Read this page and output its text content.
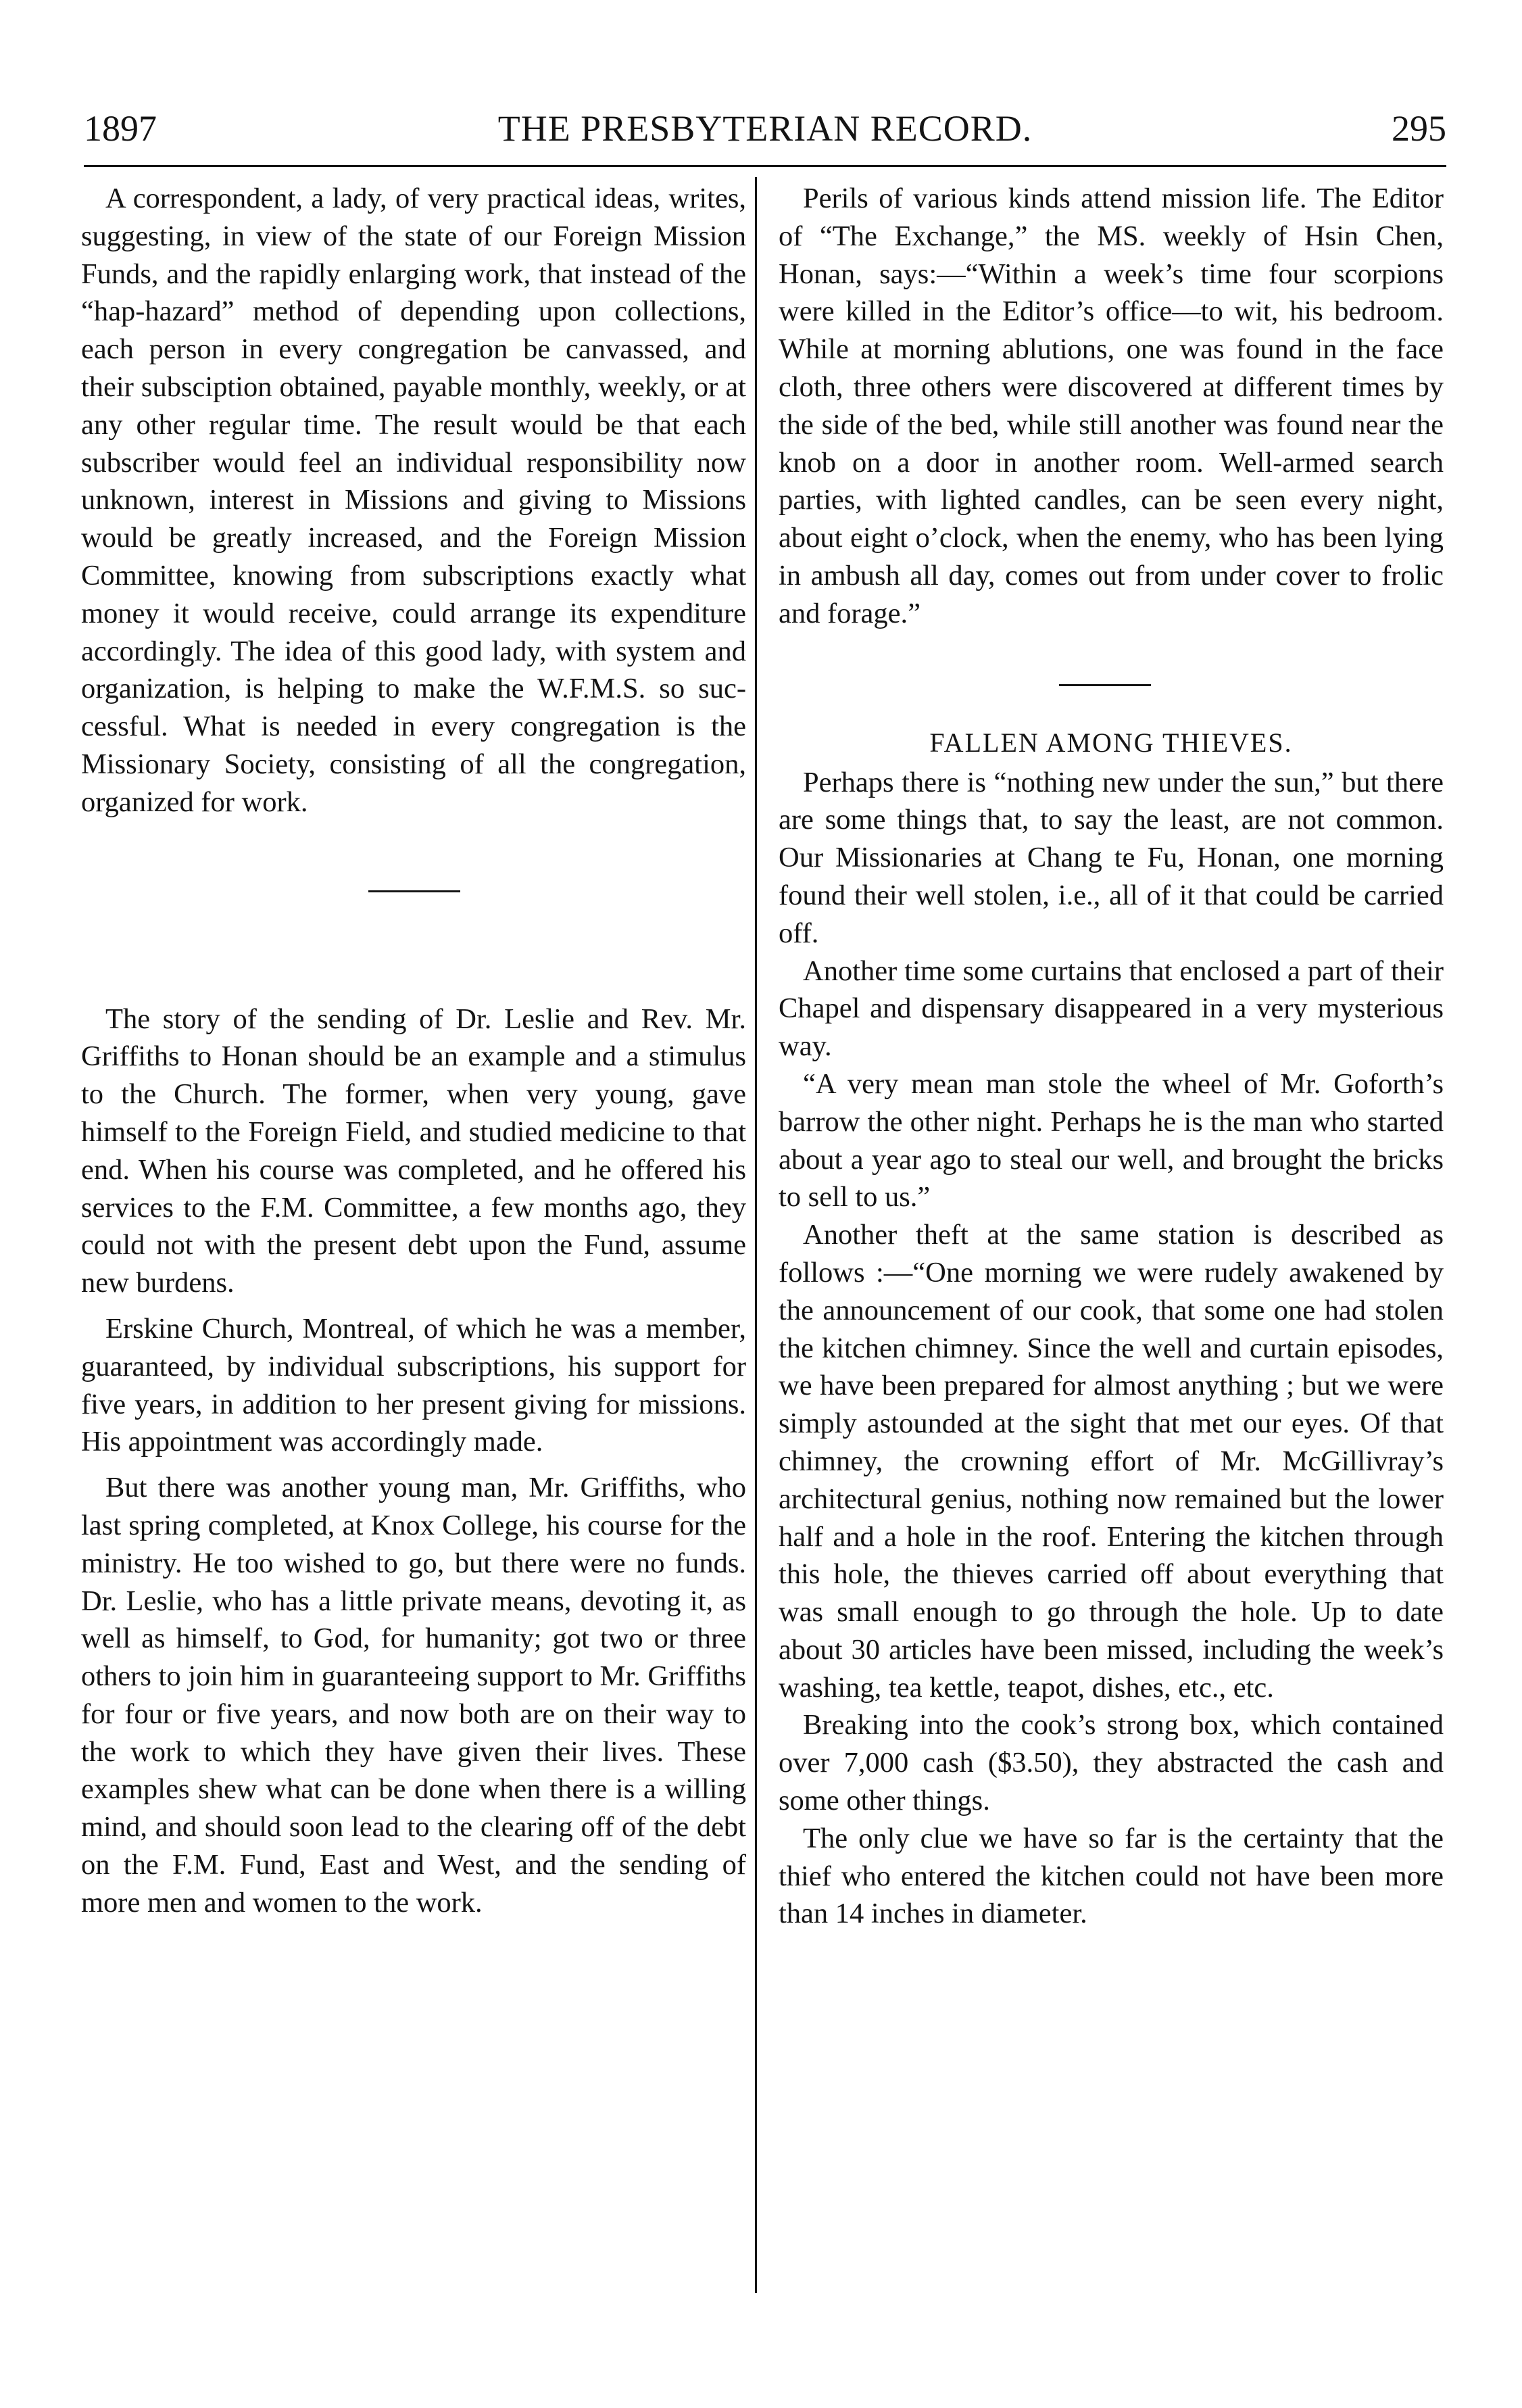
1897	THE PRESBYTERIAN RECORD.	295

A correspondent, a lady, of very practical ideas, writes, suggesting, in view of the state of our Foreign Mission Funds, and the rapidly enlarging work, that instead of the “hap-hazard” method of depending upon collections, each person in every congregation be canvassed, and their subsciption obtained, payable monthly, weekly, or at any other regular time. The result would be that each subscriber would feel an individual responsibility now unknown, interest in Missions and giving to Missions would be greatly increased, and the Foreign Mission Committee, knowing from subscriptions exactly what money it would receive, could arrange its expenditure accordingly. The idea of this good lady, with system and organization, is helping to make the W.F.M.S. so successful. What is needed in every congregation is the Missionary Society, consisting of all the congregation, organized for work.

The story of the sending of Dr. Leslie and Rev. Mr. Griffiths to Honan should be an example and a stimulus to the Church. The former, when very young, gave himself to the Foreign Field, and studied medicine to that end. When his course was completed, and he offered his services to the F.M. Committee, a few months ago, they could not with the present debt upon the Fund, assume new burdens.

Erskine Church, Montreal, of which he was a member, guaranteed, by individual subscriptions, his support for five years, in addition to her present giving for missions. His appointment was accordingly made.

But there was another young man, Mr. Griffiths, who last spring completed, at Knox College, his course for the ministry. He too wished to go, but there were no funds. Dr. Leslie, who has a little private means, devoting it, as well as himself, to God, for humanity; got two or three others to join him in guaranteeing support to Mr. Griffiths for four or five years, and now both are on their way to the work to which they have given their lives. These examples shew what can be done when there is a willing mind, and should soon lead to the clearing off of the debt on the F.M. Fund, East and West, and the sending of more men and women to the work.

Perils of various kinds attend mission life. The Editor of “The Exchange,” the MS. weekly of Hsin Chen, Honan, says:—“Within a week’s time four scorpions were killed in the Editor’s office—to wit, his bedroom. While at morning ablutions, one was found in the face cloth, three others were discovered at different times by the side of the bed, while still another was found near the knob on a door in another room. Well-armed search parties, with lighted candles, can be seen every night, about eight o’clock, when the enemy, who has been lying in ambush all day, comes out from under cover to frolic and forage.”

FALLEN AMONG THIEVES.

Perhaps there is “nothing new under the sun,” but there are some things that, to say the least, are not common. Our Missionaries at Chang te Fu, Honan, one morning found their well stolen, i.e., all of it that could be carried off.

Another time some curtains that enclosed a part of their Chapel and dispensary disappeared in a very mysterious way.

“A very mean man stole the wheel of Mr. Goforth’s barrow the other night. Perhaps he is the man who started about a year ago to steal our well, and brought the bricks to sell to us.”

Another theft at the same station is described as follows :—“One morning we were rudely awakened by the announcement of our cook, that some one had stolen the kitchen chimney. Since the well and curtain episodes, we have been prepared for almost anything ; but we were simply astounded at the sight that met our eyes. Of that chimney, the crowning effort of Mr. McGillivray’s architectural genius, nothing now remained but the lower half and a hole in the roof. Entering the kitchen through this hole, the thieves carried off about everything that was small enough to go through the hole. Up to date about 30 articles have been missed, including the week’s washing, tea kettle, teapot, dishes, etc., etc.

Breaking into the cook’s strong box, which contained over 7,000 cash ($3.50), they abstracted the cash and some other things.

The only clue we have so far is the certainty that the thief who entered the kitchen could not have been more than 14 inches in diameter.
